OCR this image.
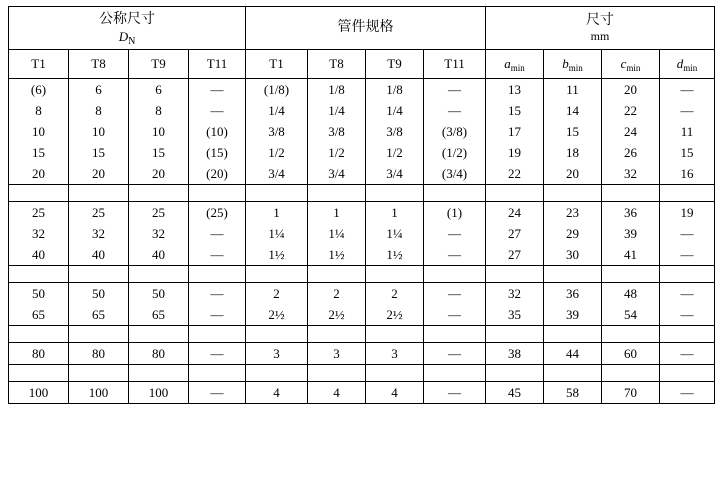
公称尺寸
$D_N$				管件规格				尺寸
mm			

T1	T8	T9	T11	T1	T8	T9	T11	$a_{min}$	$b_{min}$	$c_{min}$	$d_{min}$
(6)	6	6	—	(1/8)	1/8	1/8	—	13	11	20	—
8	8	8	—	1/4	1/4	1/4	—	15	14	22	—
10	10	10	(10)	3/8	3/8	3/8	(3/8)	17	15	24	11
15	15	15	(15)	1/2	1/2	1/2	(1/2)	19	18	26	15
20	20	20	(20)	3/4	3/4	3/4	(3/4)	22	20	32	16

25	25	25	(25)	1	1	1	(1)	24	23	36	19
32	32	32	—	1¼	1¼	1¼	—	27	29	39	—
40	40	40	—	1½	1½	1½	—	27	30	41	—

50	50	50	—	2	2	2	—	32	36	48	—
65	65	65	—	2½	2½	2½	—	35	39	54	—

80	80	80	—	3	3	3	—	38	44	60	—

100	100	100	—	4	4	4	—	45	58	70	—
